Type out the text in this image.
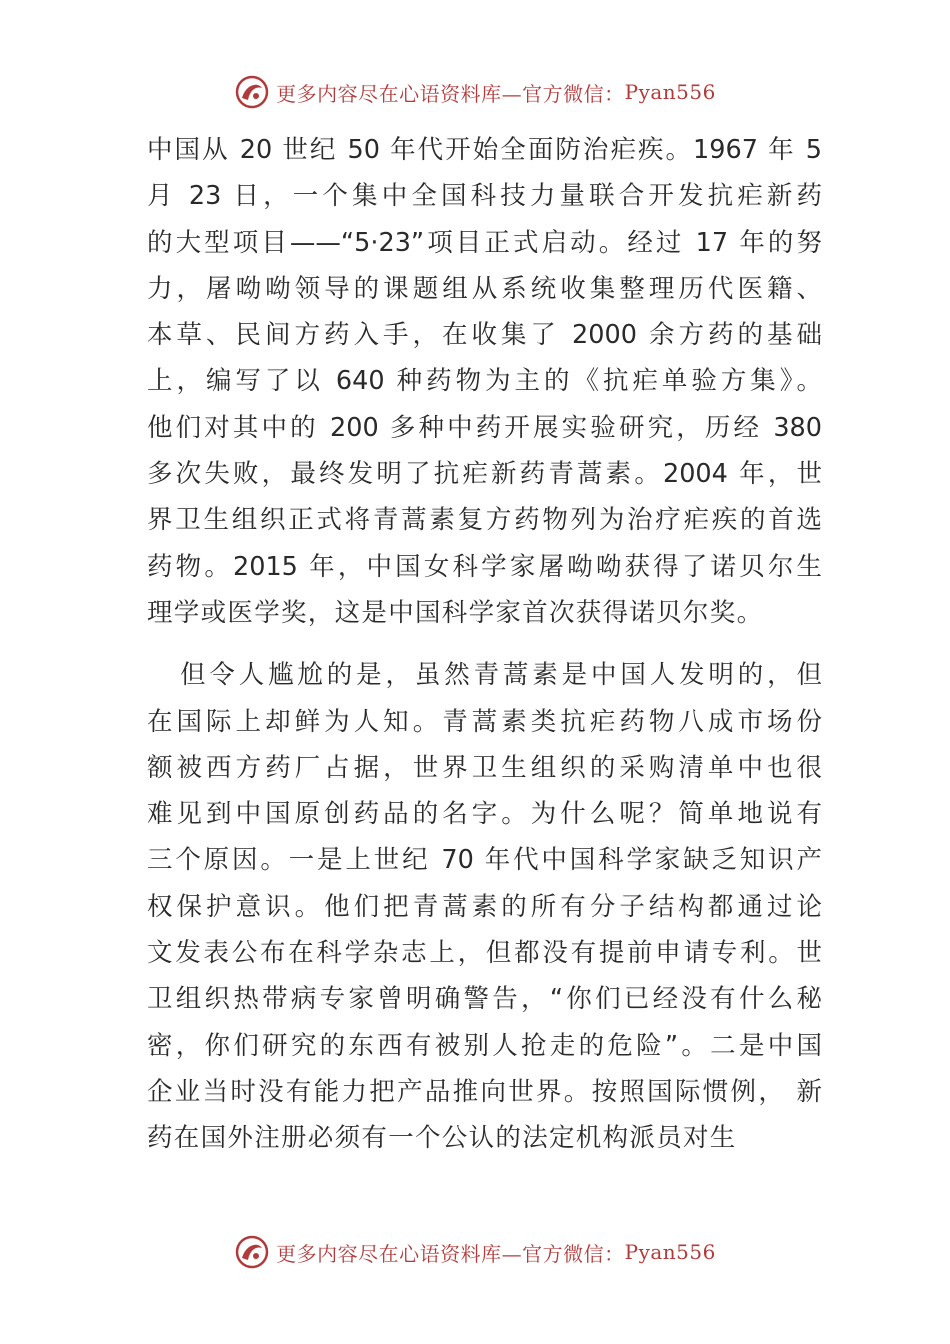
更多内容尽在心语资料库—官方微信： Pyan556
中国从 20 世纪 50 年代开始全面防治疟疾。1967 年 5
月 23 日，一个集中全国科技力量联合开发抗疟新药
的大型项目——“5·23”项目正式启动。经过 17 年的努
力，屠呦呦领导的课题组从系统收集整理历代医籍、
本草、民间方药入手，在收集了 2000 余方药的基础
上，编写了以 640 种药物为主的《抗疟单验方集》。
他们对其中的 200 多种中药开展实验研究，历经 380
多次失败，最终发明了抗疟新药青蒿素。2004 年，世
界卫生组织正式将青蒿素复方药物列为治疗疟疾的首选
药物。2015 年，中国女科学家屠呦呦获得了诺贝尔生
理学或医学奖，这是中国科学家首次获得诺贝尔奖。
但令人尴尬的是，虽然青蒿素是中国人发明的，但
在国际上却鲜为人知。青蒿素类抗疟药物八成市场份
额被西方药厂占据，世界卫生组织的采购清单中也很
难见到中国原创药品的名字。为什么呢？简单地说有
三个原因。一是上世纪 70 年代中国科学家缺乏知识产
权保护意识。他们把青蒿素的所有分子结构都通过论
文发表公布在科学杂志上，但都没有提前申请专利。世
卫组织热带病专家曾明确警告，“你们已经没有什么秘
密，你们研究的东西有被别人抢走的危险”。二是中国
企业当时没有能力把产品推向世界。按照国际惯例， 新
药在国外注册必须有一个公认的法定机构派员对生
更多内容尽在心语资料库—官方微信： Pyan556
